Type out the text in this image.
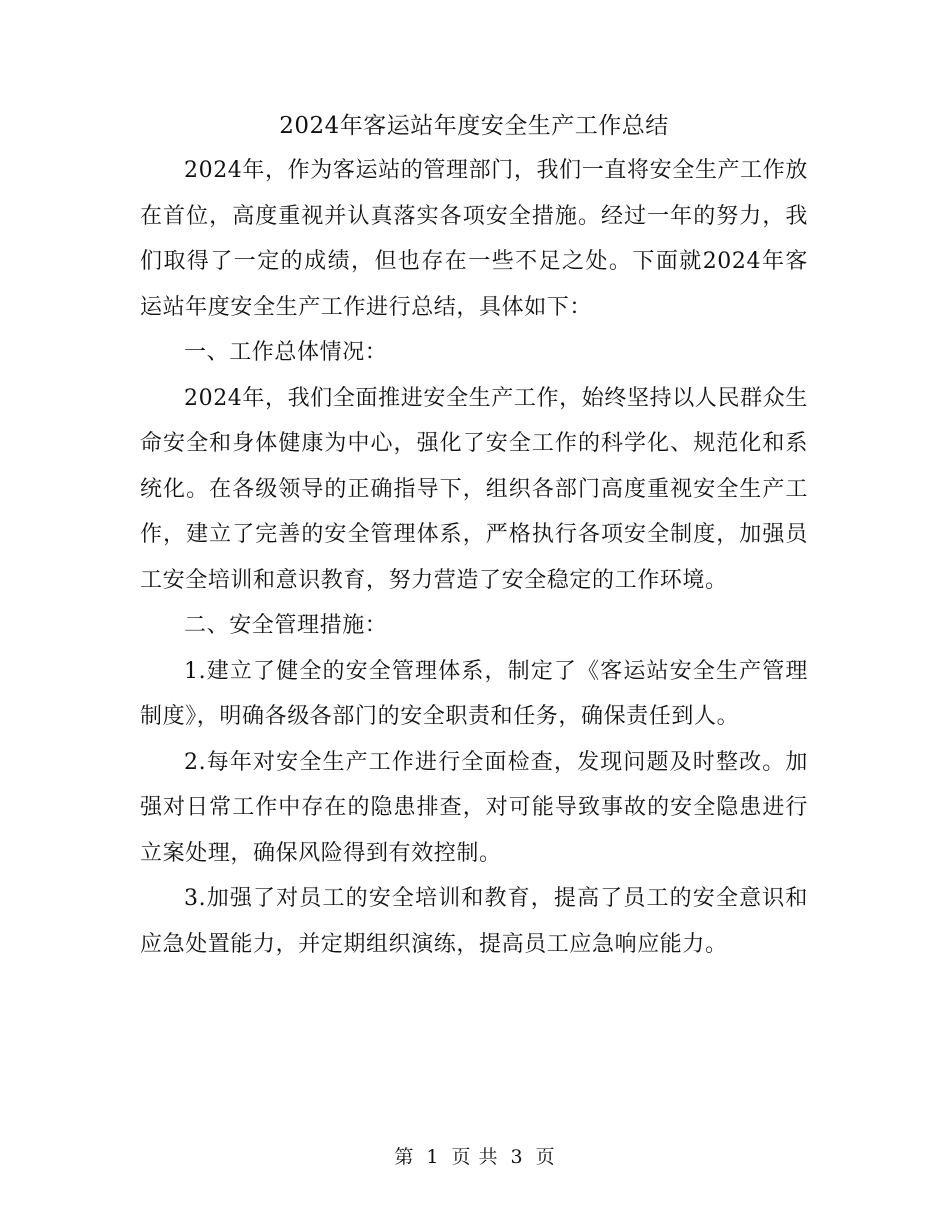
2024年客运站年度安全生产工作总结

2024年，作为客运站的管理部门，我们一直将安全生产工作放在首位，高度重视并认真落实各项安全措施。经过一年的努力，我们取得了一定的成绩，但也存在一些不足之处。下面就2024年客运站年度安全生产工作进行总结，具体如下：

一、工作总体情况：

2024年，我们全面推进安全生产工作，始终坚持以人民群众生命安全和身体健康为中心，强化了安全工作的科学化、规范化和系统化。在各级领导的正确指导下，组织各部门高度重视安全生产工作，建立了完善的安全管理体系，严格执行各项安全制度，加强员工安全培训和意识教育，努力营造了安全稳定的工作环境。

二、安全管理措施：

1.建立了健全的安全管理体系，制定了《客运站安全生产管理制度》，明确各级各部门的安全职责和任务，确保责任到人。

2.每年对安全生产工作进行全面检查，发现问题及时整改。加强对日常工作中存在的隐患排查，对可能导致事故的安全隐患进行立案处理，确保风险得到有效控制。

3.加强了对员工的安全培训和教育，提高了员工的安全意识和应急处置能力，并定期组织演练，提高员工应急响应能力。

第 1 页 共 3 页
